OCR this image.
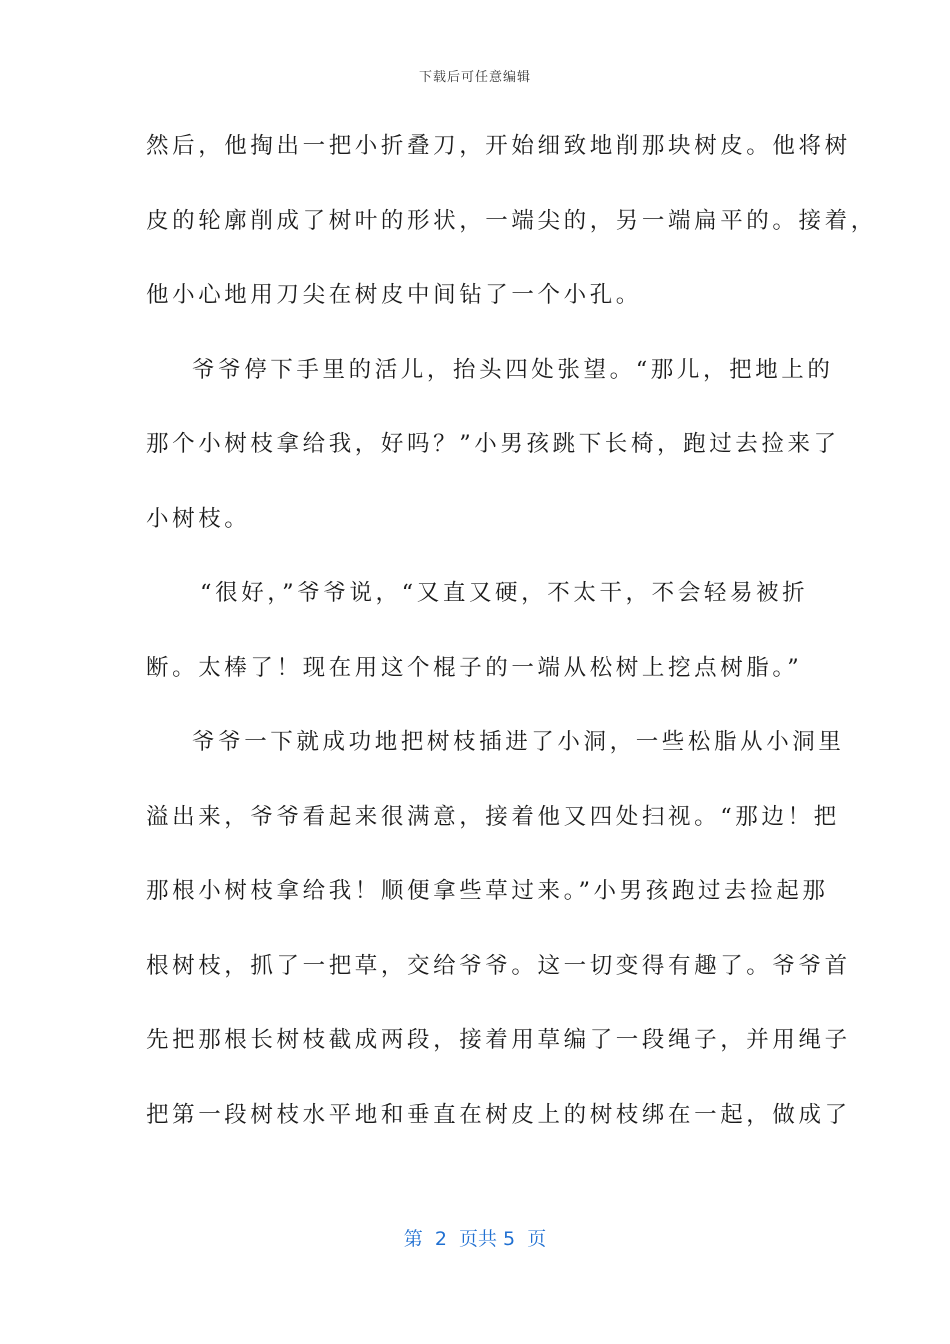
下载后可任意编辑
然后，他掏出一把小折叠刀，开始细致地削那块树皮。他将树
皮的轮廓削成了树叶的形状，一端尖的，另一端扁平的。接着，
他小心地用刀尖在树皮中间钻了一个小孔。
爷爷停下手里的活儿，抬头四处张望。“那儿，把地上的
那个小树枝拿给我，好吗？”小男孩跳下长椅，跑过去捡来了
小树枝。
“很好，”爷爷说，“又直又硬，不太干，不会轻易被折
断。太棒了！现在用这个棍子的一端从松树上挖点树脂。”
爷爷一下就成功地把树枝插进了小洞，一些松脂从小洞里
溢出来，爷爷看起来很满意，接着他又四处扫视。“那边！把
那根小树枝拿给我！顺便拿些草过来。”小男孩跑过去捡起那
根树枝，抓了一把草，交给爷爷。这一切变得有趣了。爷爷首
先把那根长树枝截成两段，接着用草编了一段绳子，并用绳子
把第一段树枝水平地和垂直在树皮上的树枝绑在一起，做成了
第  2  页共 5  页
